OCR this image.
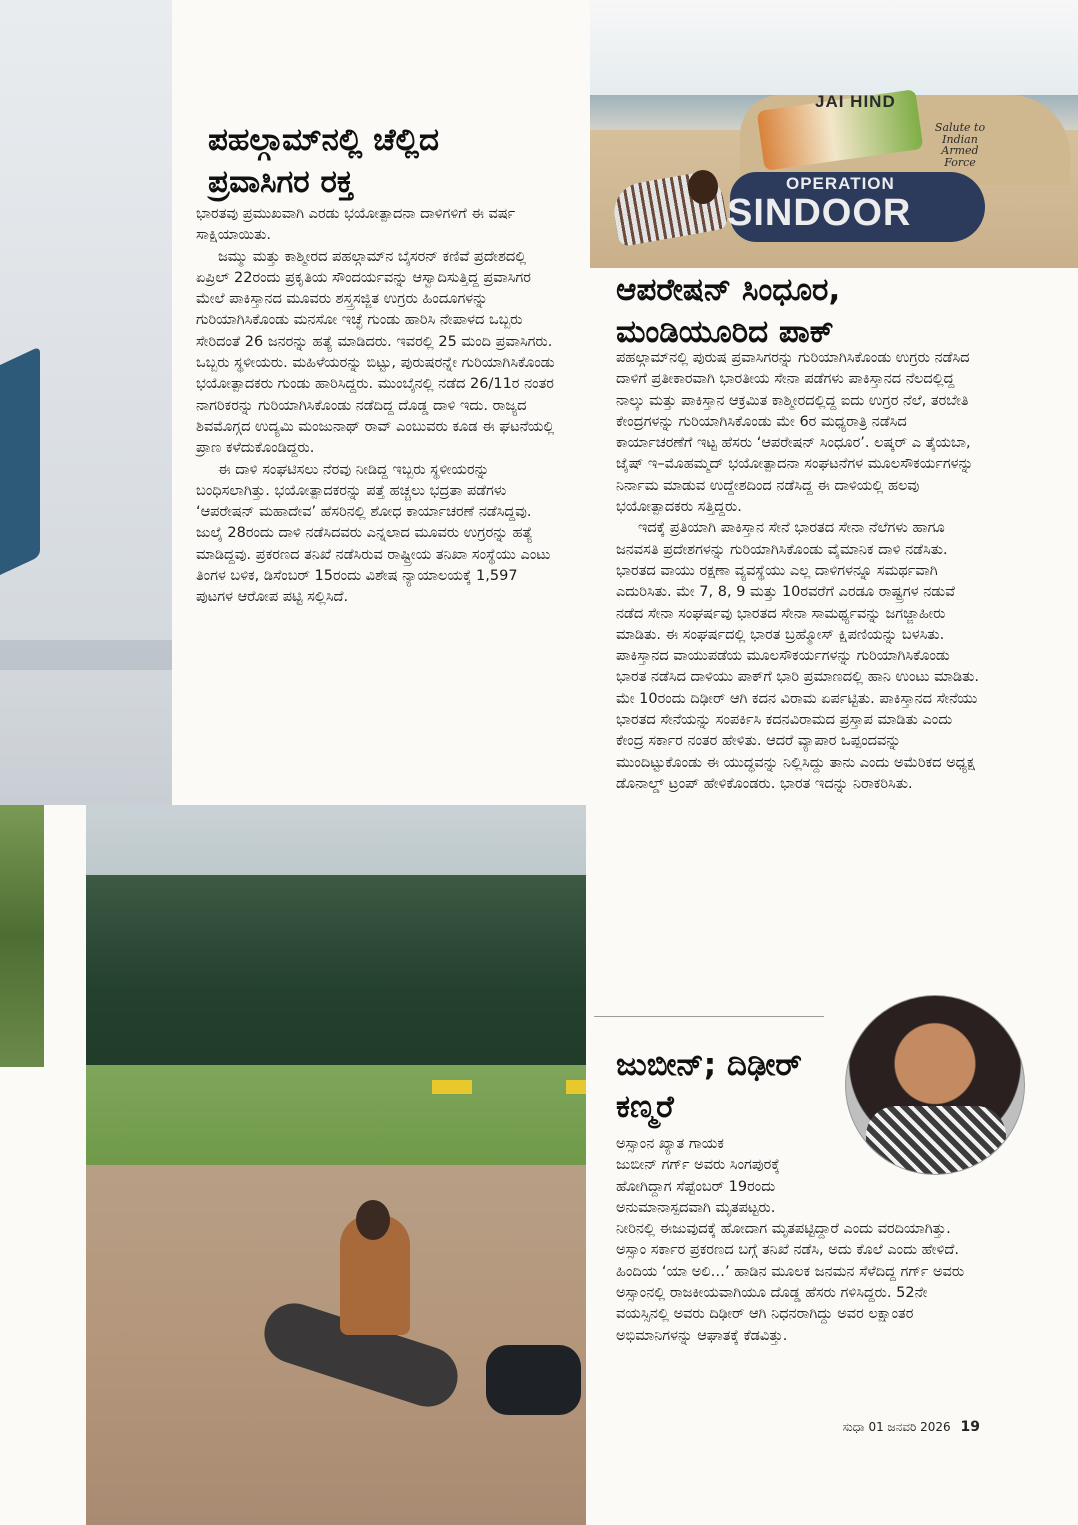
JAI HIND
Salute to Indian Armed Force
OPERATION
SINDOOR
ಪಹಲ್ಗಾಮ್‌ನಲ್ಲಿ ಚೆಲ್ಲಿದ
ಪ್ರವಾಸಿಗರ ರಕ್ತ

ಭಾರತವು ಪ್ರಮುಖವಾಗಿ ಎರಡು ಭಯೋತ್ಪಾದನಾ ದಾಳಿಗಳಿಗೆ ಈ ವರ್ಷ ಸಾಕ್ಷಿಯಾಯಿತು.

ಜಮ್ಮು ಮತ್ತು ಕಾಶ್ಮೀರದ ಪಹಲ್ಗಾಮ್‌ನ ಬೈಸರನ್ ಕಣಿವೆ ಪ್ರದೇಶದಲ್ಲಿ ಏಪ್ರಿಲ್ 22ರಂದು ಪ್ರಕೃತಿಯ ಸೌಂದರ್ಯವನ್ನು ಆಸ್ವಾದಿಸುತ್ತಿದ್ದ ಪ್ರವಾಸಿಗರ ಮೇಲೆ ಪಾಕಿಸ್ತಾನದ ಮೂವರು ಶಸ್ತ್ರಸಜ್ಜಿತ ಉಗ್ರರು ಹಿಂದೂಗಳನ್ನು ಗುರಿಯಾಗಿಸಿಕೊಂಡು ಮನಸೋ ಇಚ್ಛೆ ಗುಂಡು ಹಾರಿಸಿ ನೇಪಾಳದ ಒಬ್ಬರು ಸೇರಿದಂತೆ 26 ಜನರನ್ನು ಹತ್ಯೆ ಮಾಡಿದರು. ಇವರಲ್ಲಿ 25 ಮಂದಿ ಪ್ರವಾಸಿಗರು. ಒಬ್ಬರು ಸ್ಥಳೀಯರು. ಮಹಿಳೆಯರನ್ನು ಬಿಟ್ಟು, ಪುರುಷರನ್ನೇ ಗುರಿಯಾಗಿಸಿಕೊಂಡು ಭಯೋತ್ಪಾದಕರು ಗುಂಡು ಹಾರಿಸಿದ್ದರು. ಮುಂಬೈನಲ್ಲಿ ನಡೆದ 26/11ರ ನಂತರ ನಾಗರಿಕರನ್ನು ಗುರಿಯಾಗಿಸಿಕೊಂಡು ನಡೆದಿದ್ದ ದೊಡ್ಡ ದಾಳಿ ಇದು. ರಾಜ್ಯದ ಶಿವಮೊಗ್ಗದ ಉದ್ಯಮಿ ಮಂಜುನಾಥ್ ರಾವ್ ಎಂಬುವರು ಕೂಡ ಈ ಘಟನೆಯಲ್ಲಿ ಪ್ರಾಣ ಕಳೆದುಕೊಂಡಿದ್ದರು.

ಈ ದಾಳಿ ಸಂಘಟಿಸಲು ನೆರವು ನೀಡಿದ್ದ ಇಬ್ಬರು ಸ್ಥಳೀಯರನ್ನು ಬಂಧಿಸಲಾಗಿತ್ತು. ಭಯೋತ್ಪಾದಕರನ್ನು ಪತ್ತೆ ಹಚ್ಚಲು ಭದ್ರತಾ ಪಡೆಗಳು ‘ಆಪರೇಷನ್ ಮಹಾದೇವ’ ಹೆಸರಿನಲ್ಲಿ ಶೋಧ ಕಾರ್ಯಾಚರಣೆ ನಡೆಸಿದ್ದವು. ಜುಲೈ 28ರಂದು ದಾಳಿ ನಡೆಸಿದವರು ಎನ್ನಲಾದ ಮೂವರು ಉಗ್ರರನ್ನು ಹತ್ಯೆ ಮಾಡಿದ್ದವು. ಪ್ರಕರಣದ ತನಿಖೆ ನಡೆಸಿರುವ ರಾಷ್ಟ್ರೀಯ ತನಿಖಾ ಸಂಸ್ಥೆಯು ಎಂಟು ತಿಂಗಳ ಬಳಿಕ, ಡಿಸೆಂಬರ್ 15ರಂದು ವಿಶೇಷ ನ್ಯಾಯಾಲಯಕ್ಕೆ 1,597 ಪುಟಗಳ ಆರೋಪ ಪಟ್ಟಿ ಸಲ್ಲಿಸಿದೆ.

ಆಪರೇಷನ್ ಸಿಂಧೂರ,
ಮಂಡಿಯೂರಿದ ಪಾಕ್

ಪಹಲ್ಗಾಮ್‌ನಲ್ಲಿ ಪುರುಷ ಪ್ರವಾಸಿಗರನ್ನು ಗುರಿಯಾಗಿಸಿಕೊಂಡು ಉಗ್ರರು ನಡೆಸಿದ ದಾಳಿಗೆ ಪ್ರತೀಕಾರವಾಗಿ ಭಾರತೀಯ ಸೇನಾ ಪಡೆಗಳು ಪಾಕಿಸ್ತಾನದ ನೆಲದಲ್ಲಿದ್ದ ನಾಲ್ಕು ಮತ್ತು ಪಾಕಿಸ್ತಾನ ಆಕ್ರಮಿತ ಕಾಶ್ಮೀರದಲ್ಲಿದ್ದ ಐದು ಉಗ್ರರ ನೆಲೆ, ತರಬೇತಿ ಕೇಂದ್ರಗಳನ್ನು ಗುರಿಯಾಗಿಸಿಕೊಂಡು ಮೇ 6ರ ಮಧ್ಯರಾತ್ರಿ ನಡೆಸಿದ ಕಾರ್ಯಾಚರಣೆಗೆ ಇಟ್ಟ ಹೆಸರು ‘ಆಪರೇಷನ್ ಸಿಂಧೂರ’. ಲಷ್ಕರ್ ಎ ತೈಯಬಾ, ಜೈಷ್ ಇ–ಮೊಹಮ್ಮದ್ ಭಯೋತ್ಪಾದನಾ ಸಂಘಟನೆಗಳ ಮೂಲಸೌಕರ್ಯಗಳನ್ನು ನಿರ್ನಾಮ ಮಾಡುವ ಉದ್ದೇಶದಿಂದ ನಡೆಸಿದ್ದ ಈ ದಾಳಿಯಲ್ಲಿ ಹಲವು ಭಯೋತ್ಪಾದಕರು ಸತ್ತಿದ್ದರು.

ಇದಕ್ಕೆ ಪ್ರತಿಯಾಗಿ ಪಾಕಿಸ್ತಾನ ಸೇನೆ ಭಾರತದ ಸೇನಾ ನೆಲೆಗಳು ಹಾಗೂ ಜನವಸತಿ ಪ್ರದೇಶಗಳನ್ನು ಗುರಿಯಾಗಿಸಿಕೊಂಡು ವೈಮಾನಿಕ ದಾಳಿ ನಡೆಸಿತು. ಭಾರತದ ವಾಯು ರಕ್ಷಣಾ ವ್ಯವಸ್ಥೆಯು ಎಲ್ಲ ದಾಳಿಗಳನ್ನೂ ಸಮರ್ಥವಾಗಿ ಎದುರಿಸಿತು. ಮೇ 7, 8, 9 ಮತ್ತು 10ರವರೆಗೆ ಎರಡೂ ರಾಷ್ಟ್ರಗಳ ನಡುವೆ ನಡೆದ ಸೇನಾ ಸಂಘರ್ಷವು ಭಾರತದ ಸೇನಾ ಸಾಮರ್ಥ್ಯವನ್ನು ಜಗಜ್ಜಾಹೀರು ಮಾಡಿತು. ಈ ಸಂಘರ್ಷದಲ್ಲಿ ಭಾರತ ಬ್ರಹ್ಮೋಸ್ ಕ್ಷಿಪಣಿಯನ್ನು ಬಳಸಿತು. ಪಾಕಿಸ್ತಾನದ ವಾಯುಪಡೆಯ ಮೂಲಸೌಕರ್ಯಗಳನ್ನು ಗುರಿಯಾಗಿಸಿಕೊಂಡು ಭಾರತ ನಡೆಸಿದ ದಾಳಿಯು ಪಾಕ್‌ಗೆ ಭಾರಿ ಪ್ರಮಾಣದಲ್ಲಿ ಹಾನಿ ಉಂಟು ಮಾಡಿತು. ಮೇ 10ರಂದು ದಿಢೀರ್ ಆಗಿ ಕದನ ವಿರಾಮ ಏರ್ಪಟ್ಟಿತು. ಪಾಕಿಸ್ತಾನದ ಸೇನೆಯು ಭಾರತದ ಸೇನೆಯನ್ನು ಸಂಪರ್ಕಿಸಿ ಕದನವಿರಾಮದ ಪ್ರಸ್ತಾಪ ಮಾಡಿತು ಎಂದು ಕೇಂದ್ರ ಸರ್ಕಾರ ನಂತರ ಹೇಳಿತು. ಆದರೆ ವ್ಯಾಪಾರ ಒಪ್ಪಂದವನ್ನು ಮುಂದಿಟ್ಟುಕೊಂಡು ಈ ಯುದ್ಧವನ್ನು ನಿಲ್ಲಿಸಿದ್ದು ತಾನು ಎಂದು ಅಮೆರಿಕದ ಅಧ್ಯಕ್ಷ ಡೊನಾಲ್ಡ್ ಟ್ರಂಪ್ ಹೇಳಿಕೊಂಡರು. ಭಾರತ ಇದನ್ನು ನಿರಾಕರಿಸಿತು.

ಜುಬೀನ್; ದಿಢೀರ್
ಕಣ್ಮರೆ

ಅಸ್ಸಾಂನ ಖ್ಯಾತ ಗಾಯಕ

ಜುಬೀನ್ ಗರ್ಗ್ ಅವರು ಸಿಂಗಪುರಕ್ಕೆ

ಹೋಗಿದ್ದಾಗ ಸೆಪ್ಟೆಂಬರ್ 19ರಂದು

ಅನುಮಾನಾಸ್ಪದವಾಗಿ ಮೃತಪಟ್ಟರು.

ನೀರಿನಲ್ಲಿ ಈಜುವುದಕ್ಕೆ ಹೋದಾಗ ಮೃತಪಟ್ಟಿದ್ದಾರೆ ಎಂದು ವರದಿಯಾಗಿತ್ತು. ಅಸ್ಸಾಂ ಸರ್ಕಾರ ಪ್ರಕರಣದ ಬಗ್ಗೆ ತನಿಖೆ ನಡೆಸಿ, ಅದು ಕೊಲೆ ಎಂದು ಹೇಳಿದೆ. ಹಿಂದಿಯ ‘ಯಾ ಅಲಿ…’ ಹಾಡಿನ ಮೂಲಕ ಜನಮನ ಸೆಳೆದಿದ್ದ ಗರ್ಗ್ ಅವರು ಅಸ್ಸಾಂನಲ್ಲಿ ರಾಜಕೀಯವಾಗಿಯೂ ದೊಡ್ಡ ಹೆಸರು ಗಳಿಸಿದ್ದರು. 52ನೇ ವಯಸ್ಸಿನಲ್ಲಿ ಅವರು ದಿಢೀರ್ ಆಗಿ ನಿಧನರಾಗಿದ್ದು ಅವರ ಲಕ್ಷಾಂತರ ಅಭಿಮಾನಿಗಳನ್ನು ಆಘಾತಕ್ಕೆ ಕೆಡವಿತ್ತು.

ಸುಧಾ 01 ಜನವರಿ 2026 19
